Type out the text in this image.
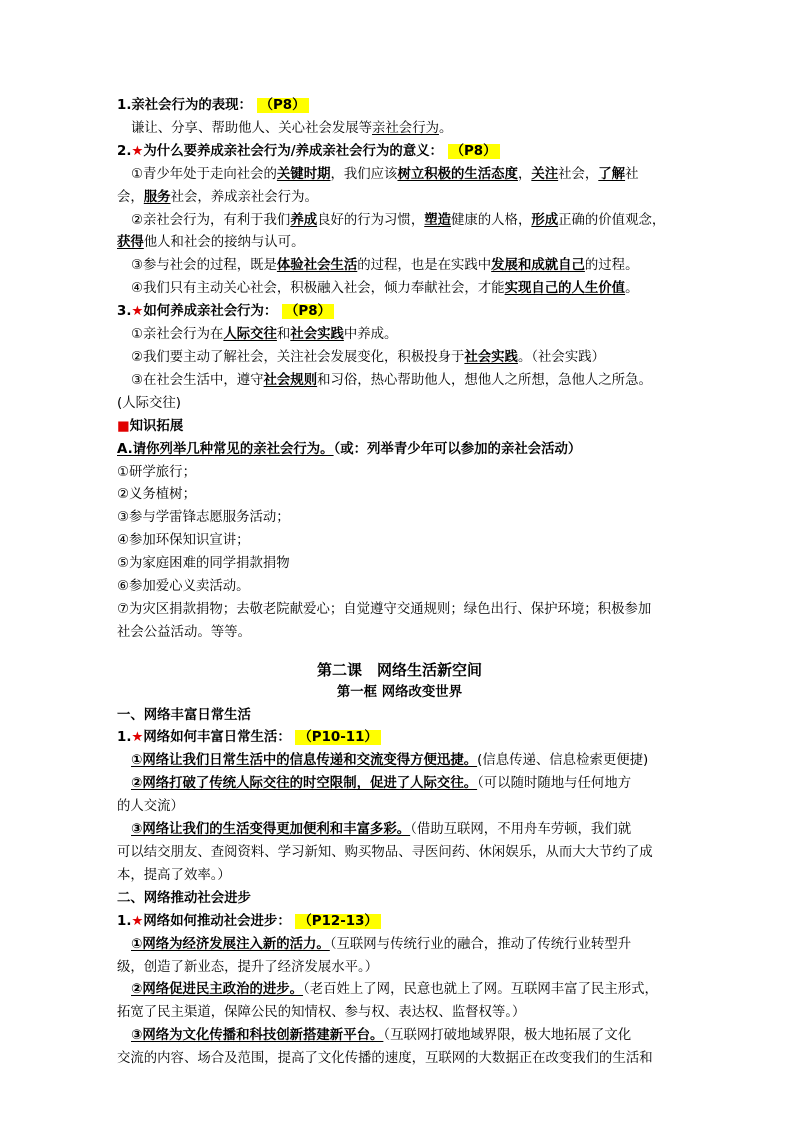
1.亲社会行为的表现： （P8）
谦让、分享、帮助他人、关心社会发展等亲社会行为。
2.★为什么要养成亲社会行为/养成亲社会行为的意义： （P8）
①青少年处于走向社会的关键时期，我们应该树立积极的生活态度，关注社会，了解社
会，服务社会，养成亲社会行为。
②亲社会行为，有利于我们养成良好的行为习惯，塑造健康的人格，形成正确的价值观念，
获得他人和社会的接纳与认可。
③参与社会的过程，既是体验社会生活的过程，也是在实践中发展和成就自己的过程。
④我们只有主动关心社会，积极融入社会，倾力奉献社会，才能实现自己的人生价值。
3.★如何养成亲社会行为： （P8）
①亲社会行为在人际交往和社会实践中养成。
②我们要主动了解社会，关注社会发展变化，积极投身于社会实践。（社会实践）
③在社会生活中，遵守社会规则和习俗，热心帮助他人，想他人之所想，急他人之所急。
(人际交往)
■知识拓展
A.请你列举几种常见的亲社会行为。（或：列举青少年可以参加的亲社会活动）
①研学旅行；
②义务植树；
③参与学雷锋志愿服务活动；
④参加环保知识宣讲；
⑤为家庭困难的同学捐款捐物
⑥参加爱心义卖活动。
⑦为灾区捐款捐物；去敬老院献爱心；自觉遵守交通规则；绿色出行、保护环境；积极参加
社会公益活动。等等。
第二课　网络生活新空间
第一框 网络改变世界
一、网络丰富日常生活
1.★网络如何丰富日常生活： （P10-11）
①网络让我们日常生活中的信息传递和交流变得方便迅捷。(信息传递、信息检索更便捷)
②网络打破了传统人际交往的时空限制，促进了人际交往。（可以随时随地与任何地方
的人交流）
③网络让我们的生活变得更加便利和丰富多彩。（借助互联网，不用舟车劳顿，我们就
可以结交朋友、查阅资料、学习新知、购买物品、寻医问药、休闲娱乐，从而大大节约了成
本，提高了效率。）
二、网络推动社会进步
1.★网络如何推动社会进步： （P12-13）
①网络为经济发展注入新的活力。（互联网与传统行业的融合，推动了传统行业转型升
级，创造了新业态，提升了经济发展水平。）
②网络促进民主政治的进步。（老百姓上了网，民意也就上了网。互联网丰富了民主形式，
拓宽了民主渠道，保障公民的知情权、参与权、表达权、监督权等。）
③网络为文化传播和科技创新搭建新平台。（互联网打破地域界限，极大地拓展了文化
交流的内容、场合及范围，提高了文化传播的速度，互联网的大数据正在改变我们的生活和
